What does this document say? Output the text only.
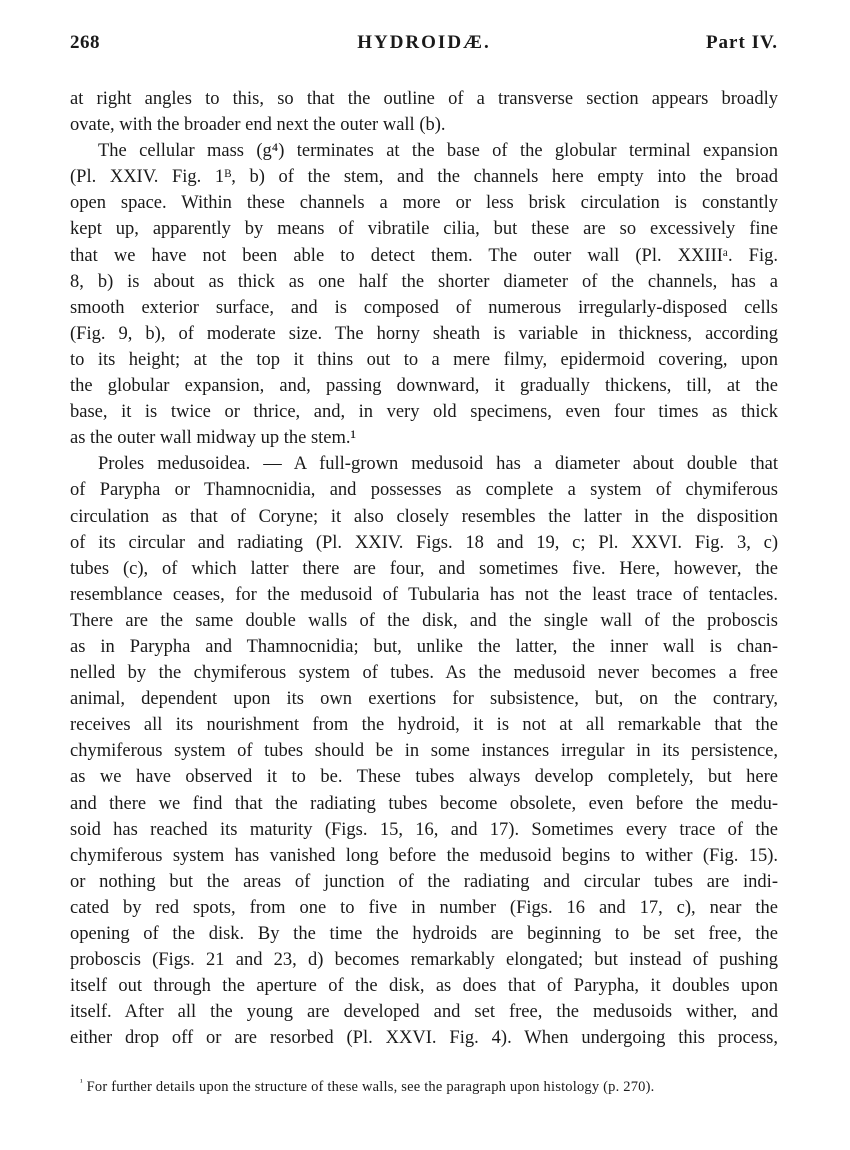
268	HYDROIDÆ.	Part IV.
at right angles to this, so that the outline of a transverse section appears broadly
ovate, with the broader end next the outer wall (b).
The cellular mass (g⁴) terminates at the base of the globular terminal expansion
(Pl. XXIV. Fig. 1ᴮ, b) of the stem, and the channels here empty into the broad
open space. Within these channels a more or less brisk circulation is constantly
kept up, apparently by means of vibratile cilia, but these are so excessively fine
that we have not been able to detect them. The outer wall (Pl. XXIIIᵃ. Fig.
8, b) is about as thick as one half the shorter diameter of the channels, has a
smooth exterior surface, and is composed of numerous irregularly-disposed cells
(Fig. 9, b), of moderate size. The horny sheath is variable in thickness, according
to its height; at the top it thins out to a mere filmy, epidermoid covering, upon
the globular expansion, and, passing downward, it gradually thickens, till, at the
base, it is twice or thrice, and, in very old specimens, even four times as thick
as the outer wall midway up the stem.¹
Proles medusoidea. — A full-grown medusoid has a diameter about double that
of Parypha or Thamnocnidia, and possesses as complete a system of chymiferous
circulation as that of Coryne; it also closely resembles the latter in the disposition
of its circular and radiating (Pl. XXIV. Figs. 18 and 19, c; Pl. XXVI. Fig. 3, c)
tubes (c), of which latter there are four, and sometimes five. Here, however, the
resemblance ceases, for the medusoid of Tubularia has not the least trace of tentacles.
There are the same double walls of the disk, and the single wall of the proboscis
as in Parypha and Thamnocnidia; but, unlike the latter, the inner wall is chan-
nelled by the chymiferous system of tubes. As the medusoid never becomes a free
animal, dependent upon its own exertions for subsistence, but, on the contrary,
receives all its nourishment from the hydroid, it is not at all remarkable that the
chymiferous system of tubes should be in some instances irregular in its persistence,
as we have observed it to be. These tubes always develop completely, but here
and there we find that the radiating tubes become obsolete, even before the medu-
soid has reached its maturity (Figs. 15, 16, and 17). Sometimes every trace of the
chymiferous system has vanished long before the medusoid begins to wither (Fig. 15).
or nothing but the areas of junction of the radiating and circular tubes are indi-
cated by red spots, from one to five in number (Figs. 16 and 17, c), near the
opening of the disk. By the time the hydroids are beginning to be set free, the
proboscis (Figs. 21 and 23, d) becomes remarkably elongated; but instead of pushing
itself out through the aperture of the disk, as does that of Parypha, it doubles upon
itself. After all the young are developed and set free, the medusoids wither, and
either drop off or are resorbed (Pl. XXVI. Fig. 4). When undergoing this process,
$^{^1}$ For further details upon the structure of these walls, see the paragraph upon histology (p. 270).
